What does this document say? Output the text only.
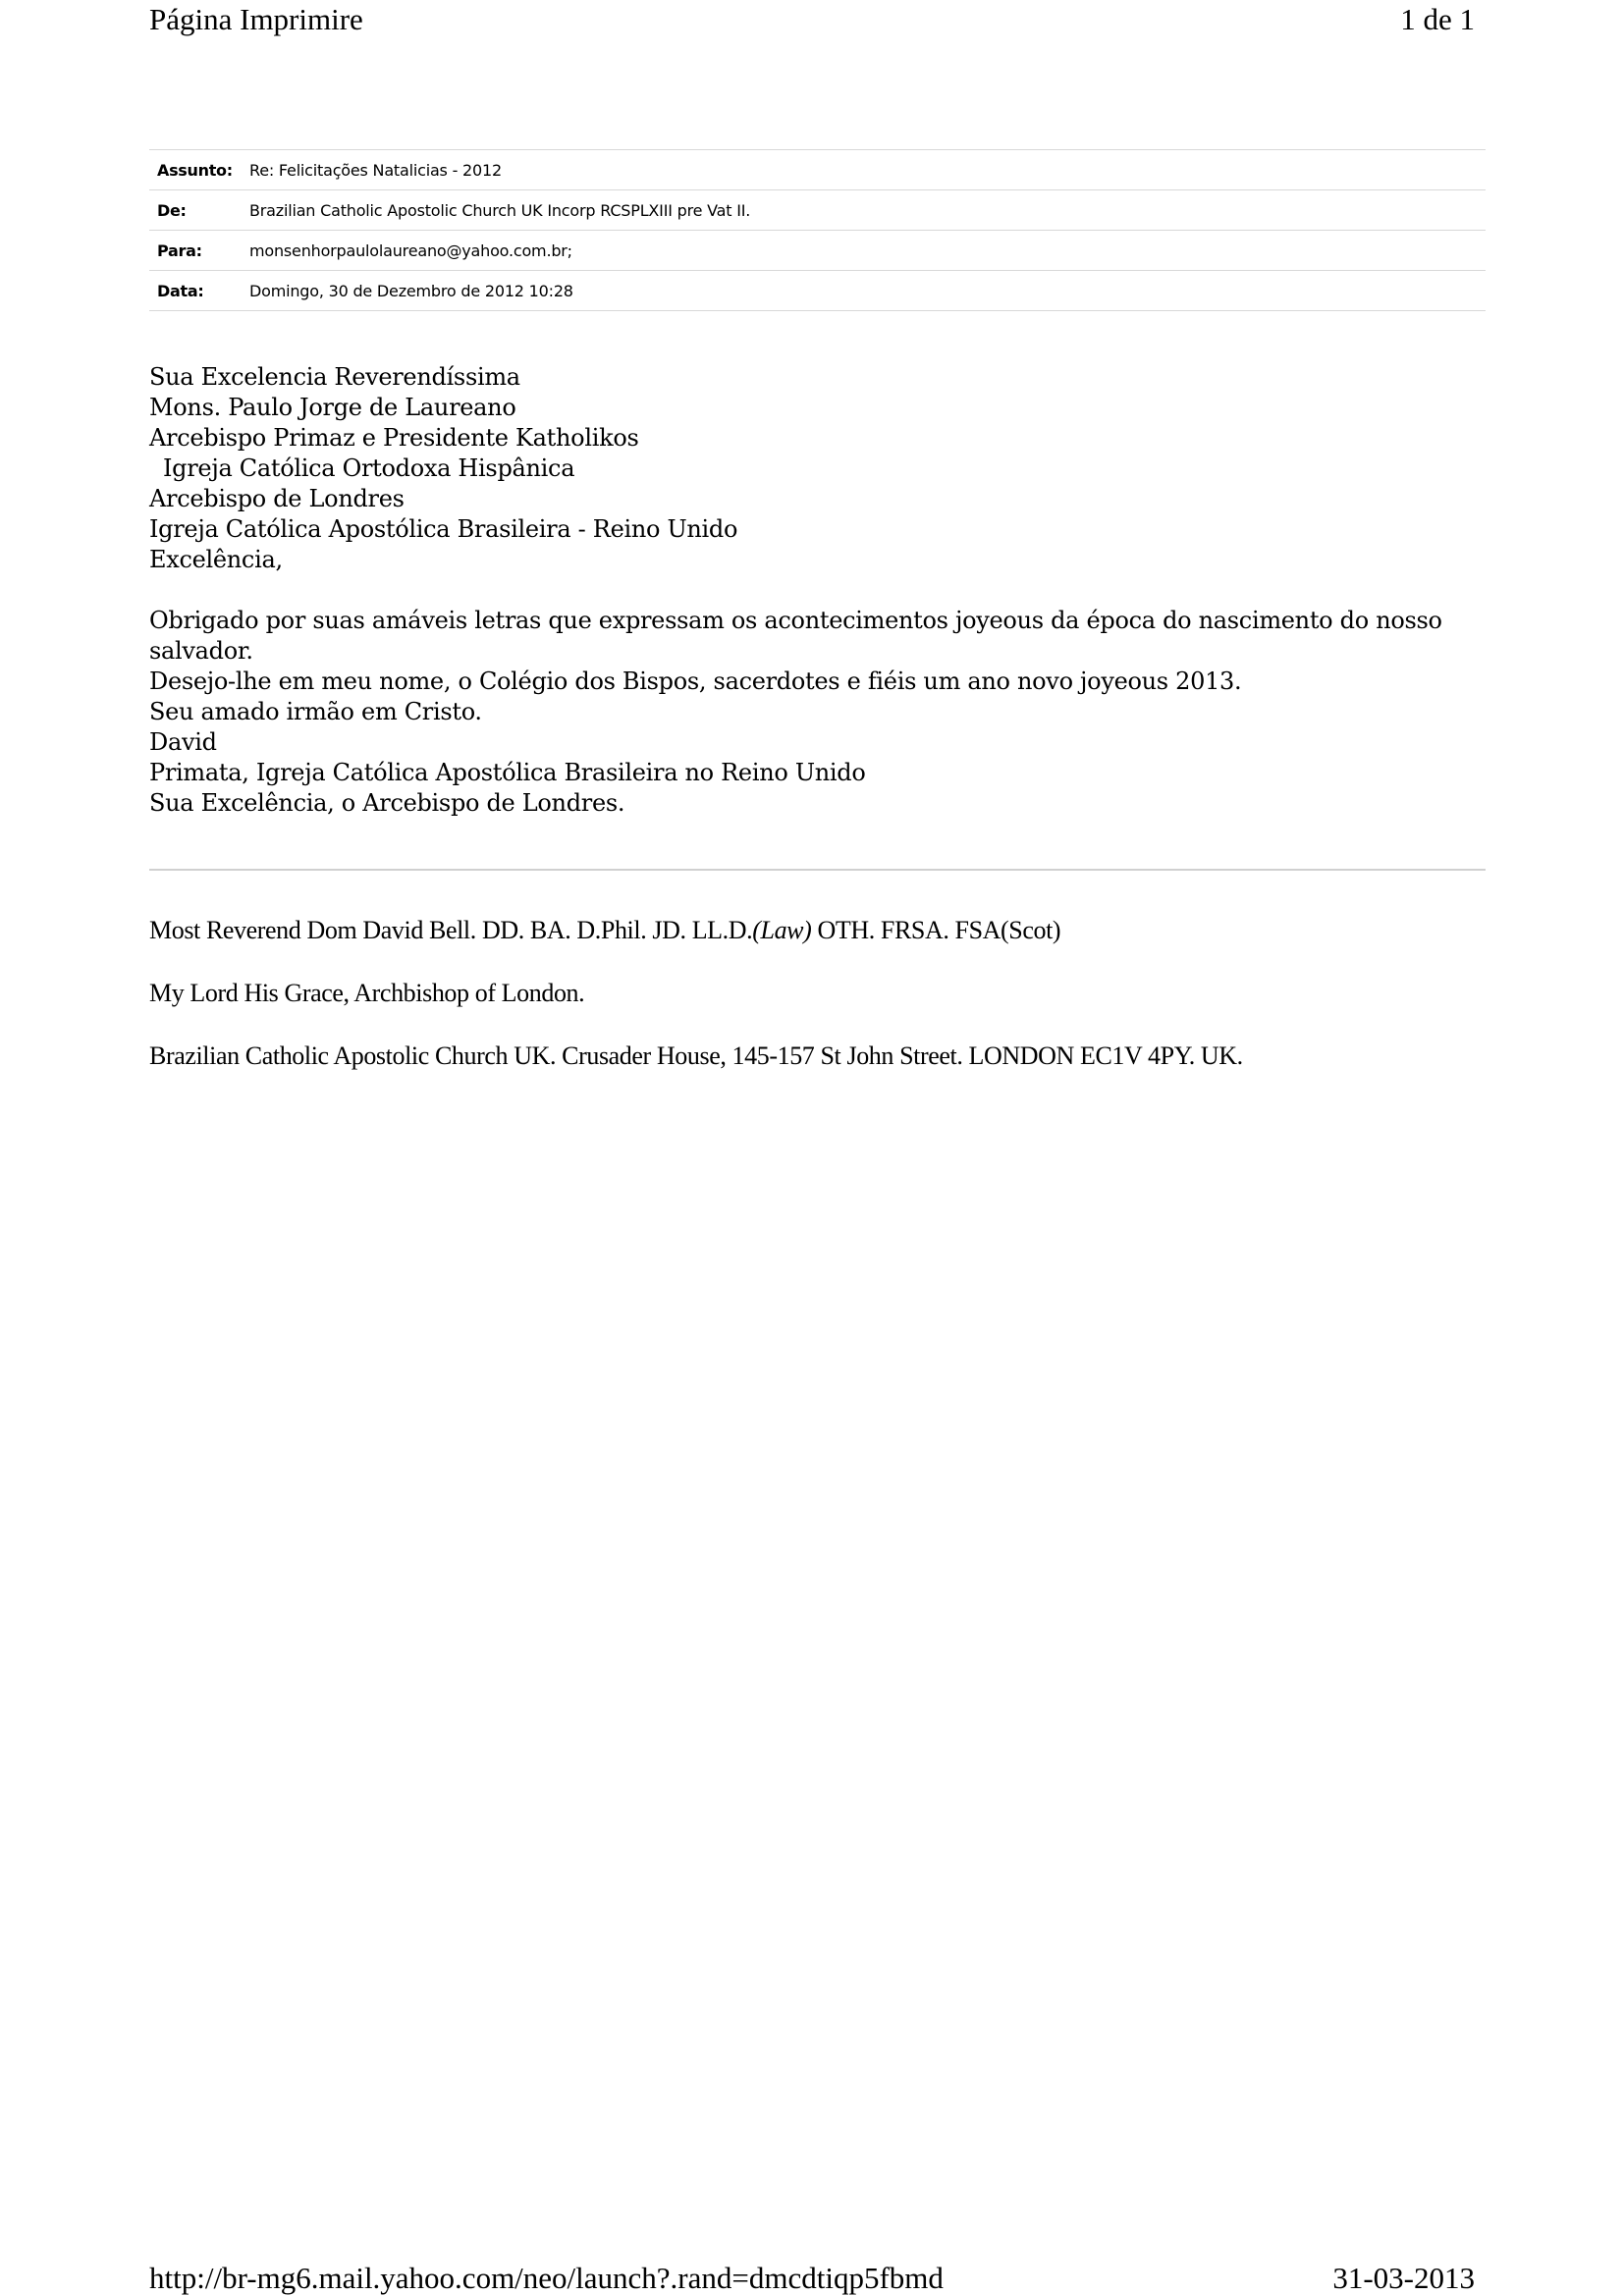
Página Imprimire	1 de 1
Assunto:	Re: Felicitações Natalicias - 2012
De:	Brazilian Catholic Apostolic Church UK Incorp RCSPLXIII pre Vat II.
Para:	monsenhorpaulolaureano@yahoo.com.br;
Data:	Domingo, 30 de Dezembro de 2012 10:28
Sua Excelencia Reverendíssima
Mons. Paulo Jorge de Laureano
Arcebispo Primaz e Presidente Katholikos
Igreja Católica Ortodoxa Hispânica
Arcebispo de Londres
Igreja Católica Apostólica Brasileira - Reino Unido
Excelência,
Obrigado por suas amáveis letras que expressam os acontecimentos joyeous da época do nascimento do nosso
salvador.
Desejo-lhe em meu nome, o Colégio dos Bispos, sacerdotes e fiéis um ano novo joyeous 2013.
Seu amado irmão em Cristo.
David
Primata, Igreja Católica Apostólica Brasileira no Reino Unido
Sua Excelência, o Arcebispo de Londres.
Most Reverend Dom David Bell. DD. BA. D.Phil. JD. LL.D.(Law) OTH. FRSA. FSA(Scot)
My Lord His Grace, Archbishop of London.
Brazilian Catholic Apostolic Church UK. Crusader House, 145-157 St John Street. LONDON EC1V 4PY. UK.
http://br-mg6.mail.yahoo.com/neo/launch?.rand=dmcdtiqp5fbmd	31-03-2013
